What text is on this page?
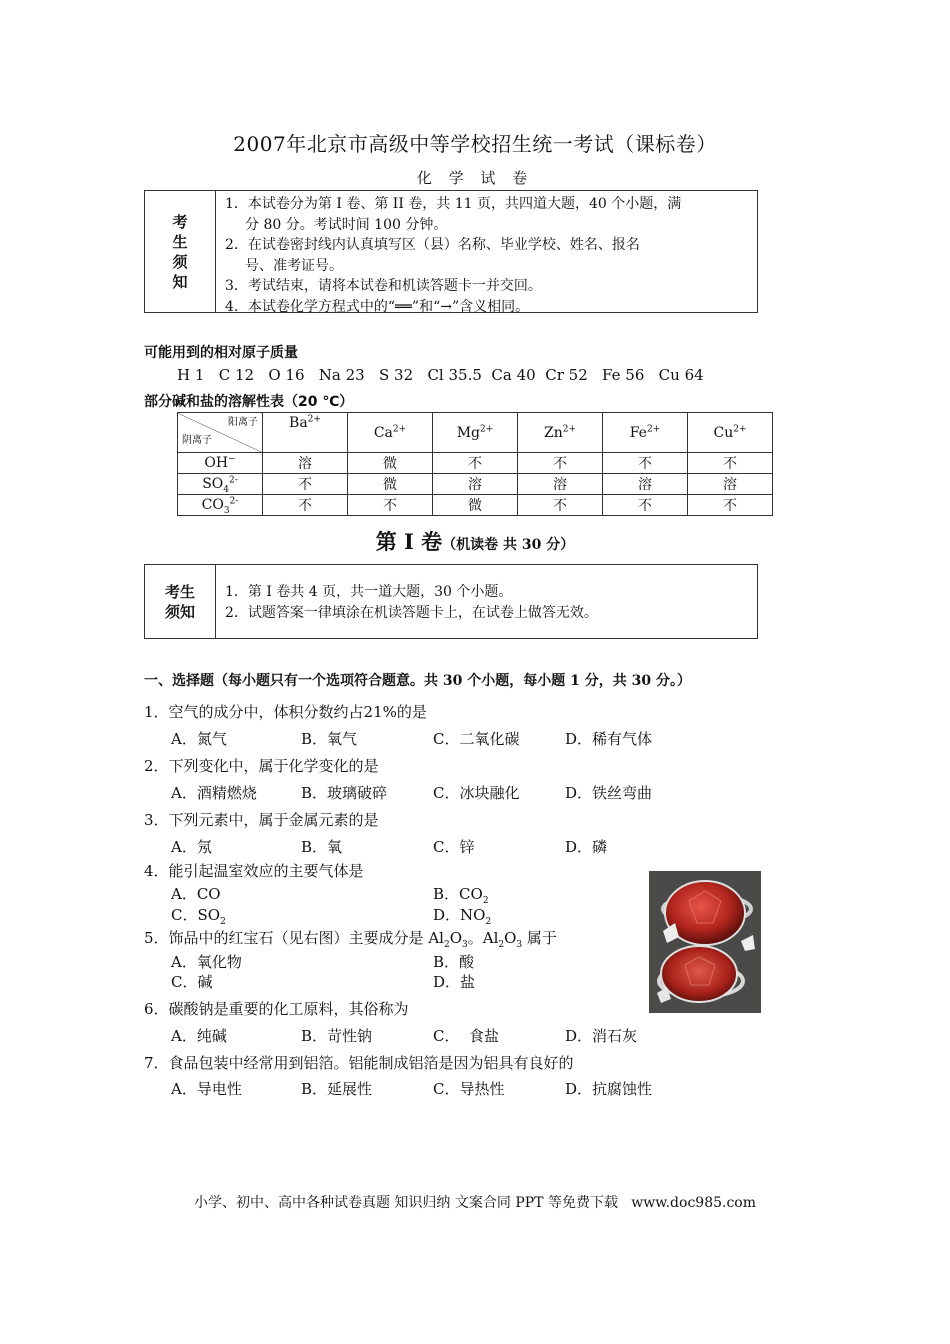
2007年北京市高级中等学校招生统一考试（课标卷）
化 学 试 卷
考
生
须
知
1．本试卷分为第 I 卷、第 II 卷，共 11 页，共四道大题，40 个小题，满
分 80 分。考试时间 100 分钟。
2．在试卷密封线内认真填写区（县）名称、毕业学校、姓名、报名
号、准考证号。
3．考试结束，请将本试卷和机读答题卡一并交回。
4．本试卷化学方程式中的“══”和“→”含义相同。
可能用到的相对原子质量
H 1   C 12   O 16   Na 23   S 32   Cl 35.5  Ca 40  Cr 52   Fe 56   Cu 64
部分碱和盐的溶解性表（20 ℃）
阳离子
阴离子	$Ba^{2+}$	$Ca^{2+}$	$Mg^{2+}$	$Zn^{2+}$	$Fe^{2+}$	$Cu^{2+}$
OH−	溶	微	不	不	不	不
$SO_4^{2-}$	不	微	溶	溶	溶	溶
$CO_3^{2-}$	不	不	微	不	不	不
第 I 卷（机读卷 共 30 分）
考生
须知
1．第 I 卷共 4 页，共一道大题，30 个小题。
2．试题答案一律填涂在机读答题卡上，在试卷上做答无效。
一、选择题（每小题只有一个选项符合题意。共 30 个小题，每小题 1 分，共 30 分。）
1．空气的成分中，体积分数约占21%的是
A．氮气	B．氧气	C．二氧化碳	D．稀有气体
2．下列变化中，属于化学变化的是
A．酒精燃烧	B．玻璃破碎	C．冰块融化	D．铁丝弯曲
3．下列元素中，属于金属元素的是
A．氖	B．氧	C．锌	D．磷
4．能引起温室效应的主要气体是
A．CO	B．$CO_2$
C．$SO_2$	D．$NO_2$
5．饰品中的红宝石（见右图）主要成分是 $Al_2O_3$。$Al_2O_3$ 属于
A．氧化物	B．酸
C．碱	D．盐
6．碳酸钠是重要的化工原料，其俗称为
A．纯碱	B．苛性钠	C．  食盐	D．消石灰
7．食品包装中经常用到铝箔。铝能制成铝箔是因为铝具有良好的
A．导电性	B．延展性	C．导热性	D．抗腐蚀性
小学、初中、高中各种试卷真题 知识归纳 文案合同 PPT 等免费下载   www.doc985.com
